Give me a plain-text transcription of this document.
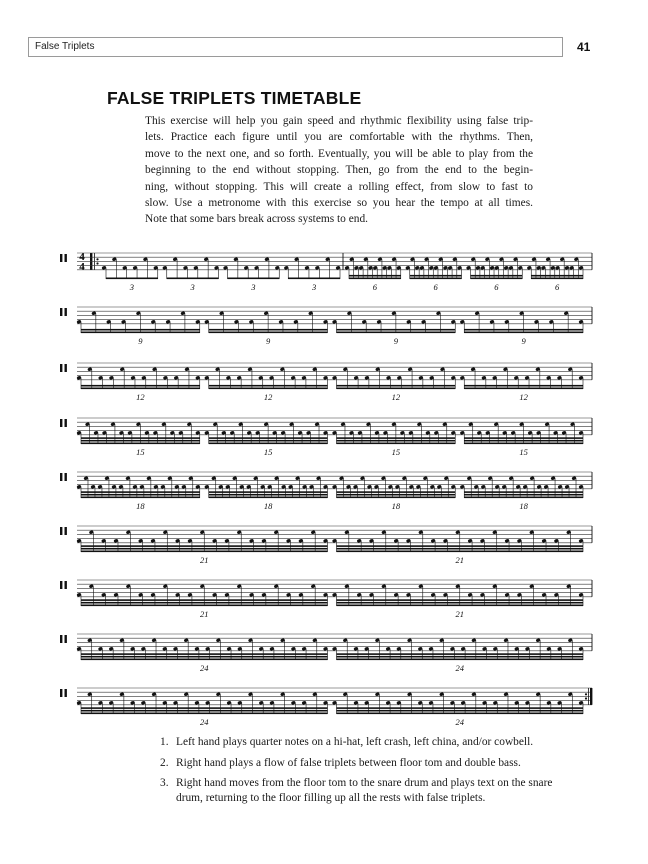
False Triplets	41
FALSE TRIPLETS TIMETABLE

This exercise will help you gain speed and rhythmic flexibility using false trip-
lets. Practice each figure until you are comfortable with the rhythms. Then,
move to the next one, and so forth. Eventually, you will be able to play from the
beginning to the end without stopping. Then, go from the end to the begin-
ning, without stopping. This will create a rolling effect, from slow to fast to
slow. Use a metronome with this exercise so you hear the tempo at all times.
Note that some bars break across systems to end.

4
4
3	3	3	3	6	6	6	6
9	9	9	9
12	12	12	12
15	15	15	15
18	18	18	18
21	21
21	21
24	24
24	24
1. Left hand plays quarter notes on a hi-hat, left crash, left china, and/or cowbell.
2. Right hand plays a flow of false triplets between floor tom and double bass.
3. Right hand moves from the floor tom to the snare drum and plays text on the snare drum, returning to the floor filling up all the rests with false triplets.
